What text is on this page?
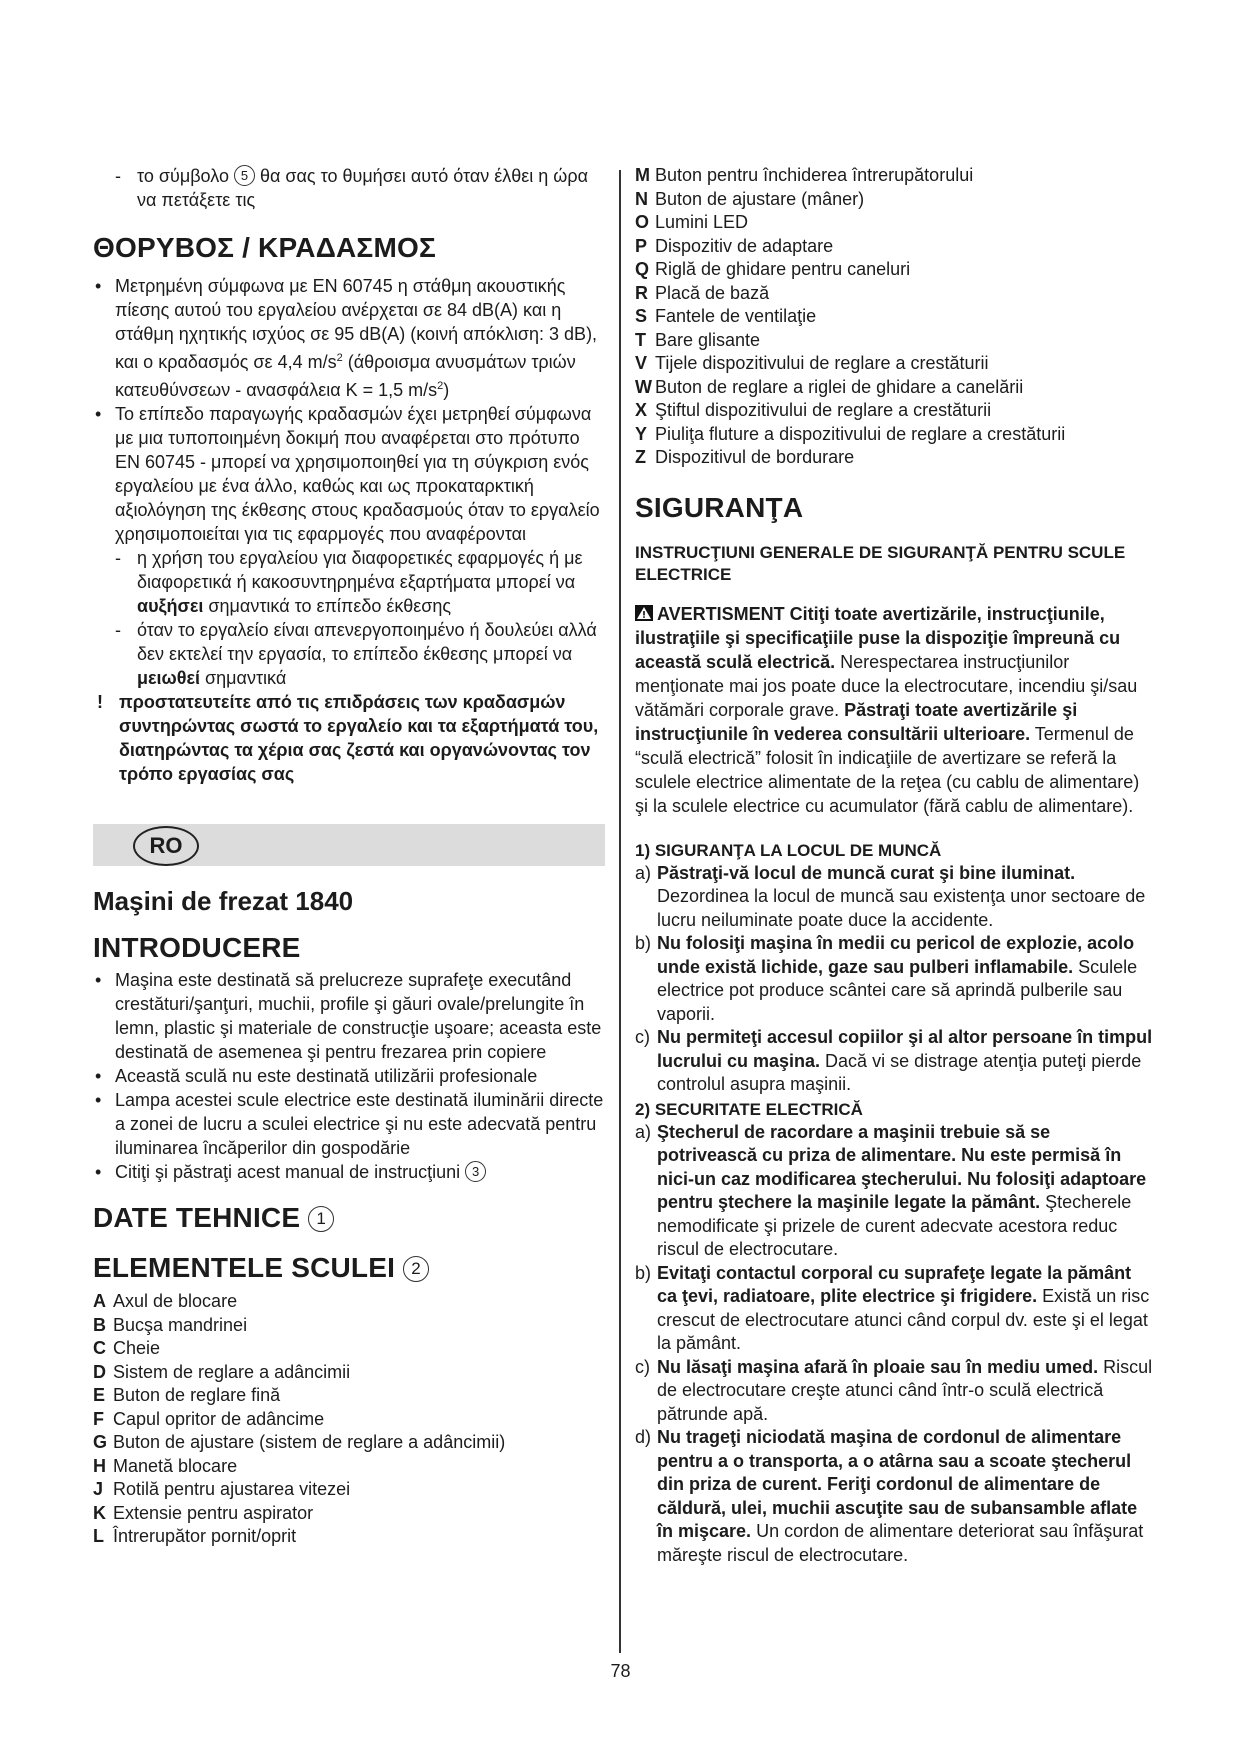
- το σύμβολο 5 θα σας το θυμήσει αυτό όταν έλθει η ώρα να πετάξετε τις

ΘΟΡΥΒΟΣ / ΚΡΑΔΑΣΜΟΣ

• Μετρημένη σύμφωνα με EN 60745 η στάθμη ακουστικής πίεσης αυτού του εργαλείου ανέρχεται σε 84 dB(A) και η στάθμη ηχητικής ισχύος σε 95 dB(A) (κοινή απόκλιση: 3 dB), και ο κραδασμός σε 4,4 $m/s^2$ (άθροισμα ανυσμάτων τριών κατευθύνσεων - ανασφάλεια K = 1,5 $m/s^2$)

• Το επίπεδο παραγωγής κραδασμών έχει μετρηθεί σύμφωνα με μια τυποποιημένη δοκιμή που αναφέρεται στο πρότυπο EN 60745 - μπορεί να χρησιμοποιηθεί για τη σύγκριση ενός εργαλείου με ένα άλλο, καθώς και ως προκαταρκτική αξιολόγηση της έκθεσης στους κραδασμούς όταν το εργαλείο χρησιμοποιείται για τις εφαρμογές που αναφέρονται

- η χρήση του εργαλείου για διαφορετικές εφαρμογές ή με διαφορετικά ή κακοσυντηρημένα εξαρτήματα μπορεί να αυξήσει σημαντικά το επίπεδο έκθεσης

- όταν το εργαλείο είναι απενεργοποιημένο ή δουλεύει αλλά δεν εκτελεί την εργασία, το επίπεδο έκθεσης μπορεί να μειωθεί σημαντικά

! προστατευτείτε από τις επιδράσεις των κραδασμών συντηρώντας σωστά το εργαλείο και τα εξαρτήματά του, διατηρώντας τα χέρια σας ζεστά και οργανώνοντας τον τρόπο εργασίας σας

RO
Maşini de frezat 1840
INTRODUCERE

• Maşina este destinată să prelucreze suprafeţe executând crestături/şanţuri, muchii, profile şi găuri ovale/prelungite în lemn, plastic şi materiale de construcţie uşoare; aceasta este destinată de asemenea şi pentru frezarea prin copiere

• Această sculă nu este destinată utilizării profesionale

• Lampa acestei scule electrice este destinată iluminării directe a zonei de lucru a sculei electrice şi nu este adecvată pentru iluminarea încăperilor din gospodărie

• Citiţi şi păstraţi acest manual de instrucţiuni 3

DATE TEHNICE 1
ELEMENTELE SCULEI 2

A Axul de blocare

B Bucşa mandrinei

C Cheie

D Sistem de reglare a adâncimii

E Buton de reglare fină

F Capul opritor de adâncime

G Buton de ajustare (sistem de reglare a adâncimii)

H Manetă blocare

J Rotilă pentru ajustarea vitezei

K Extensie pentru aspirator

L Întrerupător pornit/oprit

M Buton pentru închiderea întrerupătorului

N Buton de ajustare (mâner)

O Lumini LED

P Dispozitiv de adaptare

Q Riglă de ghidare pentru caneluri

R Placă de bază

S Fantele de ventilaţie

T Bare glisante

V Tijele dispozitivului de reglare a crestăturii

W Buton de reglare a riglei de ghidare a canelării

X Ştiftul dispozitivului de reglare a crestăturii

Y Piuliţa fluture a dispozitivului de reglare a crestăturii

Z Dispozitivul de bordurare

SIGURANŢA
INSTRUCŢIUNI GENERALE DE SIGURANŢĂ PENTRU SCULE ELECTRICE

AVERTISMENT Citiţi toate avertizările, instrucţiunile, ilustraţiile şi specificaţiile puse la dispoziţie împreună cu această sculă electrică. Nerespectarea instrucţiunilor menţionate mai jos poate duce la electrocutare, incendiu şi/sau vătămări corporale grave. Păstraţi toate avertizările şi instrucţiunile în vederea consultării ulterioare. Termenul de “sculă electrică” folosit în indicaţiile de avertizare se referă la sculele electrice alimentate de la reţea (cu cablu de alimentare) şi la sculele electrice cu acumulator (fără cablu de alimentare).

1) SIGURANŢA LA LOCUL DE MUNCĂ

a) Păstraţi-vă locul de muncă curat şi bine iluminat. Dezordinea la locul de muncă sau existenţa unor sectoare de lucru neiluminate poate duce la accidente.

b) Nu folosiţi maşina în medii cu pericol de explozie, acolo unde există lichide, gaze sau pulberi inflamabile. Sculele electrice pot produce scântei care să aprindă pulberile sau vaporii.

c) Nu permiteţi accesul copiilor şi al altor persoane în timpul lucrului cu maşina. Dacă vi se distrage atenţia puteţi pierde controlul asupra maşinii.

2) SECURITATE ELECTRICĂ

a) Ştecherul de racordare a maşinii trebuie să se potrivească cu priza de alimentare. Nu este permisă în nici-un caz modificarea ştecherului. Nu folosiţi adaptoare pentru ştechere la maşinile legate la pământ. Ştecherele nemodificate şi prizele de curent adecvate acestora reduc riscul de electrocutare.

b) Evitaţi contactul corporal cu suprafeţe legate la pământ ca ţevi, radiatoare, plite electrice şi frigidere. Există un risc crescut de electrocutare atunci când corpul dv. este şi el legat la pământ.

c) Nu lăsaţi maşina afară în ploaie sau în mediu umed. Riscul de electrocutare creşte atunci când într-o sculă electrică pătrunde apă.

d) Nu trageţi niciodată maşina de cordonul de alimentare pentru a o transporta, a o atârna sau a scoate ştecherul din priza de curent. Feriţi cordonul de alimentare de căldură, ulei, muchii ascuţite sau de subansamble aflate în mişcare. Un cordon de alimentare deteriorat sau înfăşurat măreşte riscul de electrocutare.

78
